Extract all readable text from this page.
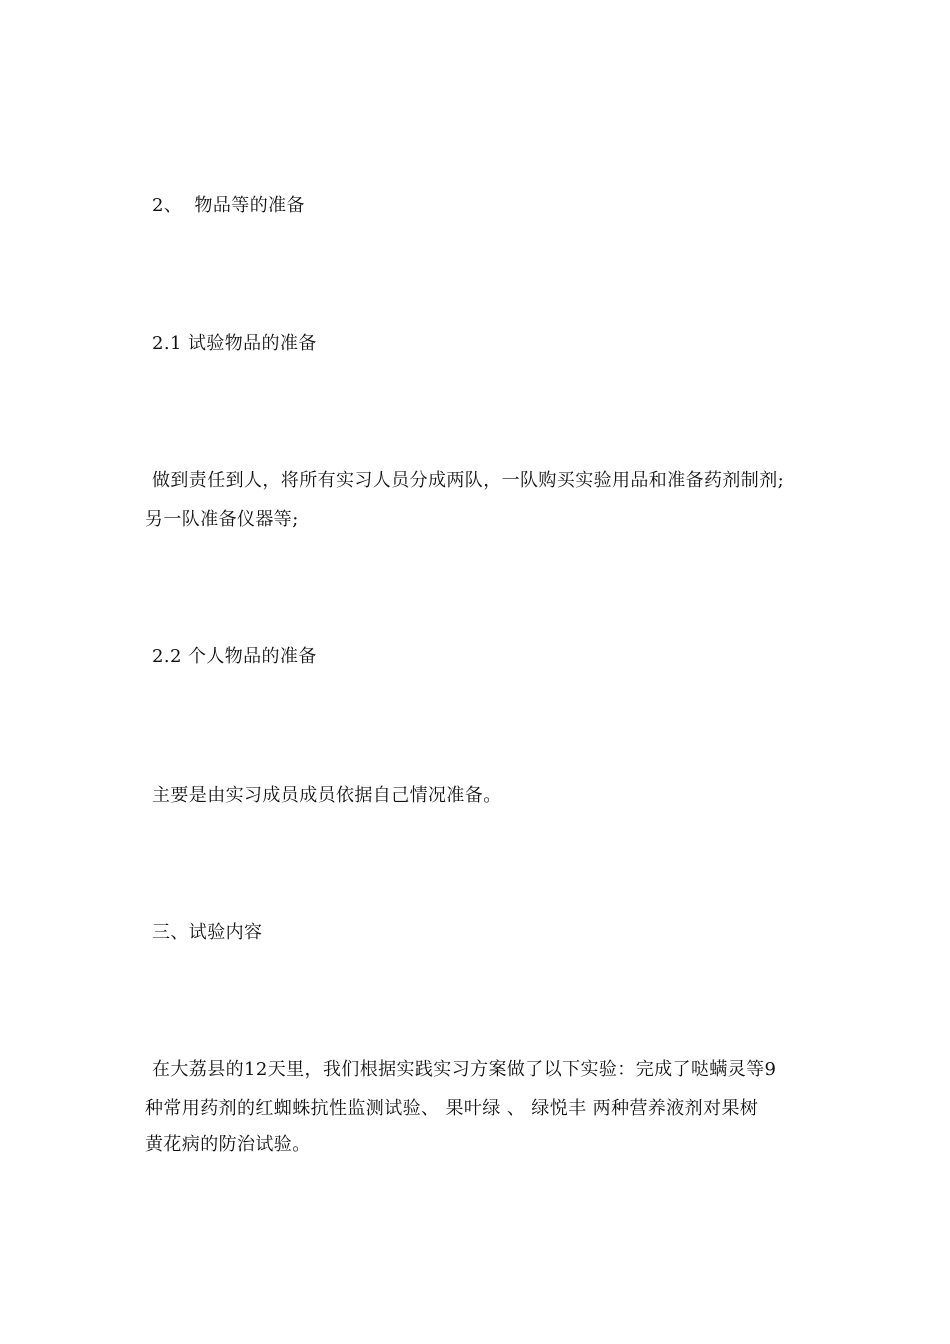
2、  物品等的准备
2.1 试验物品的准备
做到责任到人，将所有实习人员分成两队，一队购买实验用品和准备药剂制剂;
另一队准备仪器等;
2.2 个人物品的准备
主要是由实习成员成员依据自己情况准备。
三、试验内容
在大荔县的12天里，我们根据实践实习方案做了以下实验：完成了哒螨灵等9
种常用药剂的红蜘蛛抗性监测试验、 果叶绿 、 绿悦丰 两种营养液剂对果树
黄花病的防治试验。
